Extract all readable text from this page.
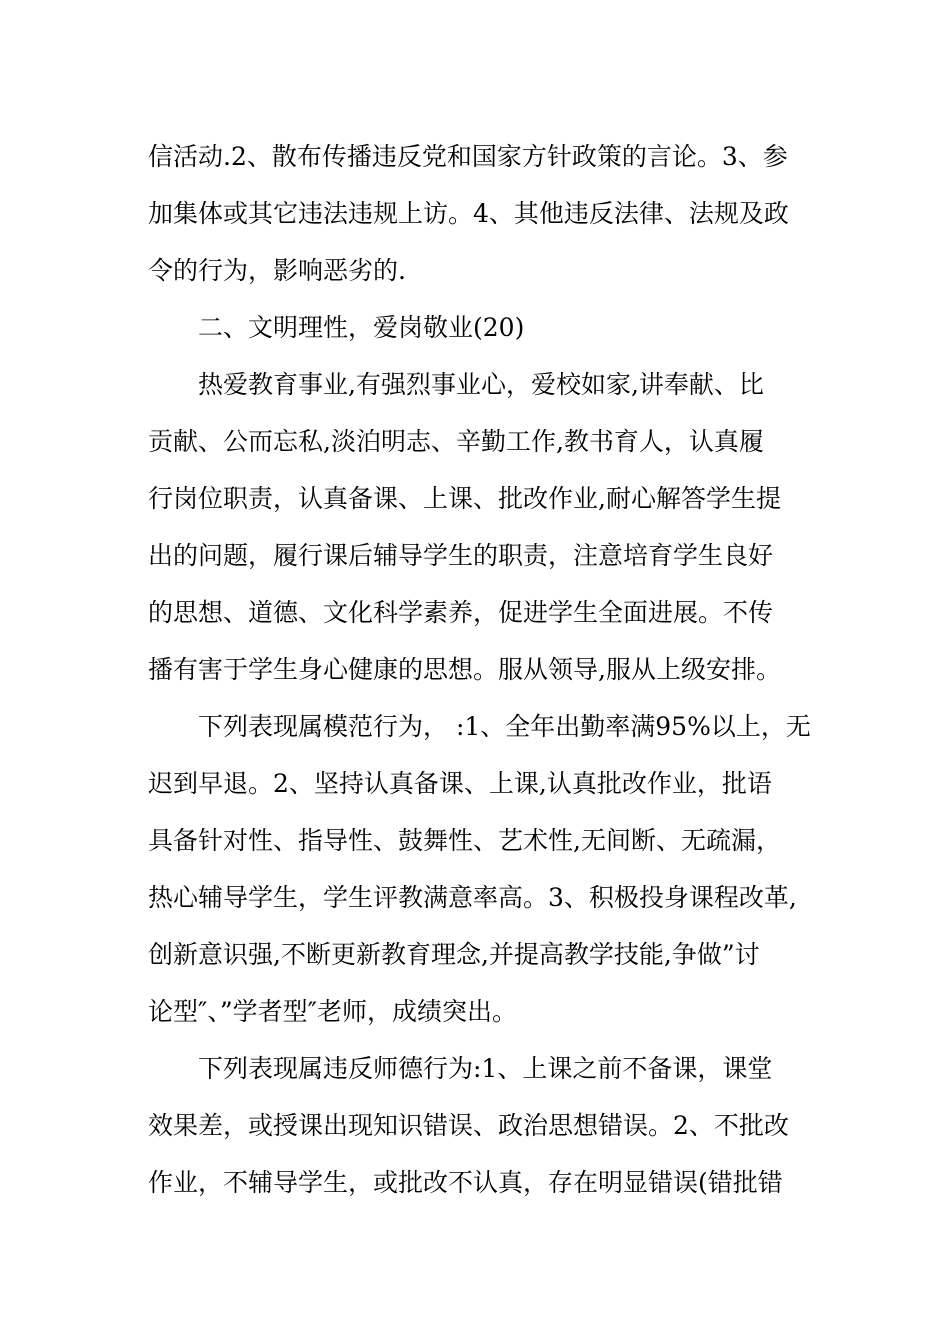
信活动.2、散布传播违反党和国家方针政策的言论。3、参
加集体或其它违法违规上访。4、其他违反法律、法规及政
令的行为，影响恶劣的.
二、文明理性，爱岗敬业(20)
热爱教育事业,有强烈事业心，爱校如家,讲奉献、比
贡献、公而忘私,淡泊明志、辛勤工作,教书育人，认真履
行岗位职责，认真备课、上课、批改作业,耐心解答学生提
出的问题，履行课后辅导学生的职责，注意培育学生良好
的思想、道德、文化科学素养，促进学生全面进展。不传
播有害于学生身心健康的思想。服从领导,服从上级安排。
下列表现属模范行为， :1、全年出勤率满95%以上，无
迟到早退。2、坚持认真备课、上课,认真批改作业，批语
具备针对性、指导性、鼓舞性、艺术性,无间断、无疏漏，
热心辅导学生，学生评教满意率高。3、积极投身课程改革,
创新意识强,不断更新教育理念,并提高教学技能,争做”讨
论型″、”学者型″老师，成绩突出。
下列表现属违反师德行为:1、上课之前不备课，课堂
效果差，或授课出现知识错误、政治思想错误。2、不批改
作业，不辅导学生，或批改不认真，存在明显错误(错批错
